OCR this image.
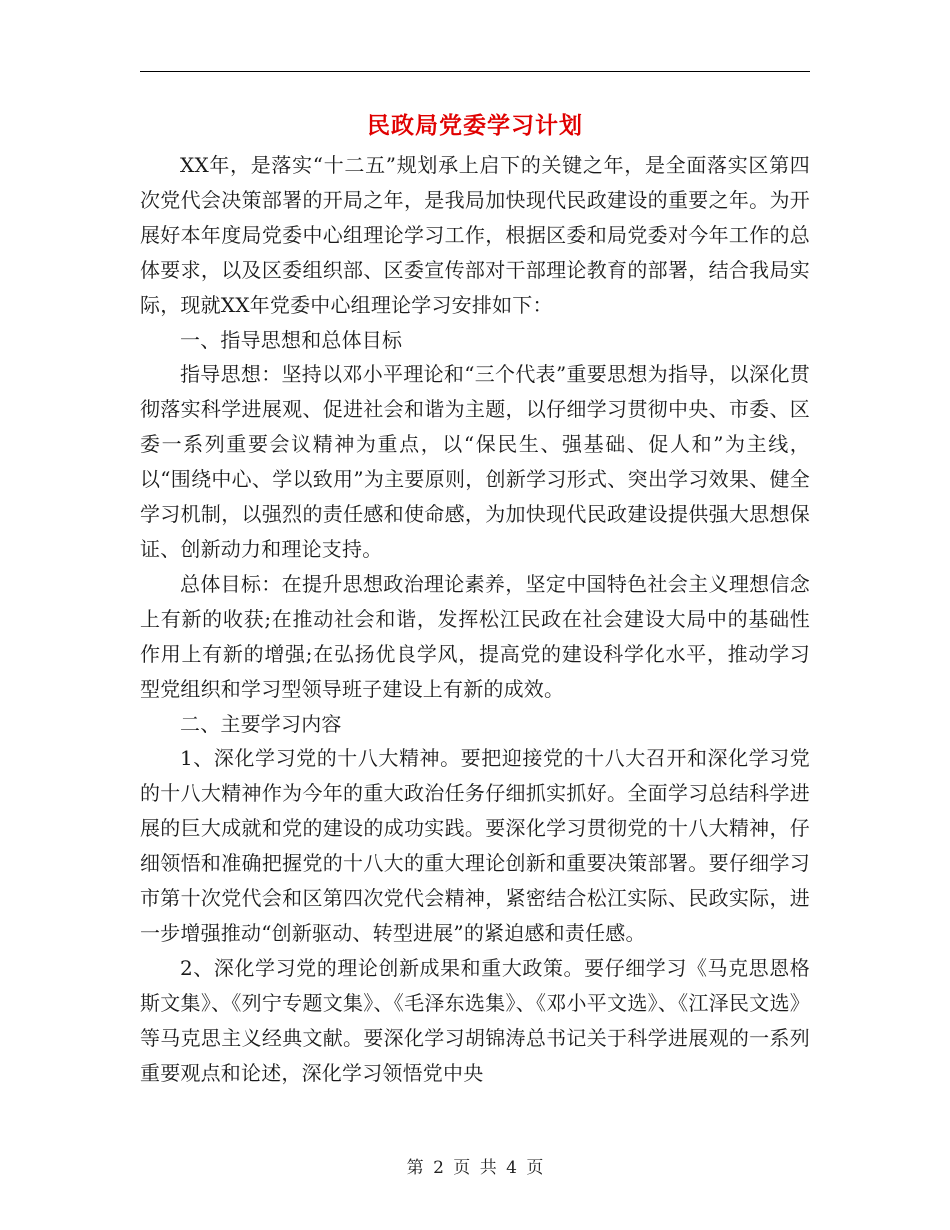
民政局党委学习计划

XX年，是落实“十二五”规划承上启下的关键之年，是全面落实区第四次党代会决策部署的开局之年，是我局加快现代民政建设的重要之年。为开展好本年度局党委中心组理论学习工作，根据区委和局党委对今年工作的总体要求，以及区委组织部、区委宣传部对干部理论教育的部署，结合我局实际，现就XX年党委中心组理论学习安排如下：

一、指导思想和总体目标

指导思想：坚持以邓小平理论和“三个代表”重要思想为指导，以深化贯彻落实科学进展观、促进社会和谐为主题，以仔细学习贯彻中央、市委、区委一系列重要会议精神为重点，以“保民生、强基础、促人和”为主线，以“围绕中心、学以致用”为主要原则，创新学习形式、突出学习效果、健全学习机制，以强烈的责任感和使命感，为加快现代民政建设提供强大思想保证、创新动力和理论支持。

总体目标：在提升思想政治理论素养，坚定中国特色社会主义理想信念上有新的收获;在推动社会和谐，发挥松江民政在社会建设大局中的基础性作用上有新的增强;在弘扬优良学风，提高党的建设科学化水平，推动学习型党组织和学习型领导班子建设上有新的成效。

二、主要学习内容

1、深化学习党的十八大精神。要把迎接党的十八大召开和深化学习党的十八大精神作为今年的重大政治任务仔细抓实抓好。全面学习总结科学进展的巨大成就和党的建设的成功实践。要深化学习贯彻党的十八大精神，仔细领悟和准确把握党的十八大的重大理论创新和重要决策部署。要仔细学习市第十次党代会和区第四次党代会精神，紧密结合松江实际、民政实际，进一步增强推动“创新驱动、转型进展”的紧迫感和责任感。

2、深化学习党的理论创新成果和重大政策。要仔细学习《马克思恩格斯文集》、《列宁专题文集》、《毛泽东选集》、《邓小平文选》、《江泽民文选》等马克思主义经典文献。要深化学习胡锦涛总书记关于科学进展观的一系列重要观点和论述，深化学习领悟党中央

第 2 页 共 4 页
